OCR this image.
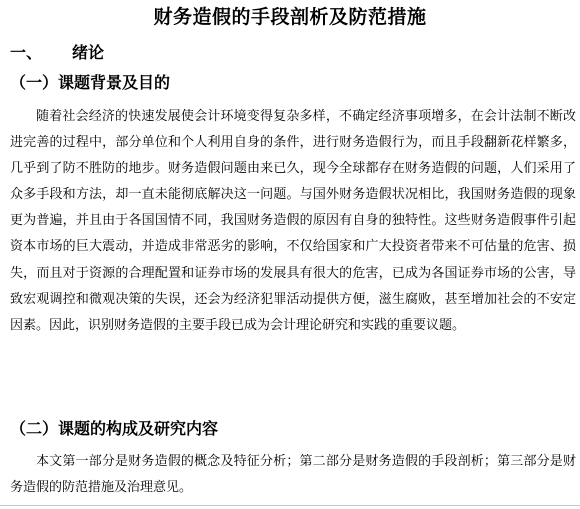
财务造假的手段剖析及防范措施
一、 绪论
（一）课题背景及目的
随着社会经济的快速发展使会计环境变得复杂多样，不确定经济事项增多，在会计法制不断改进完善的过程中，部分单位和个人利用自身的条件，进行财务造假行为，而且手段翻新花样繁多，几乎到了防不胜防的地步。财务造假问题由来已久，现今全球都存在财务造假的问题，人们采用了众多手段和方法，却一直未能彻底解决这一问题。与国外财务造假状况相比，我国财务造假的现象更为普遍，并且由于各国国情不同，我国财务造假的原因有自身的独特性。这些财务造假事件引起资本市场的巨大震动，并造成非常恶劣的影响，不仅给国家和广大投资者带来不可估量的危害、损失，而且对于资源的合理配置和证券市场的发展具有很大的危害，已成为各国证券市场的公害，导致宏观调控和微观决策的失误，还会为经济犯罪活动提供方便，滋生腐败，甚至增加社会的不安定因素。因此，识别财务造假的主要手段已成为会计理论研究和实践的重要议题。
（二）课题的构成及研究内容
本文第一部分是财务造假的概念及特征分析；第二部分是财务造假的手段剖析；第三部分是财务造假的防范措施及治理意见。
